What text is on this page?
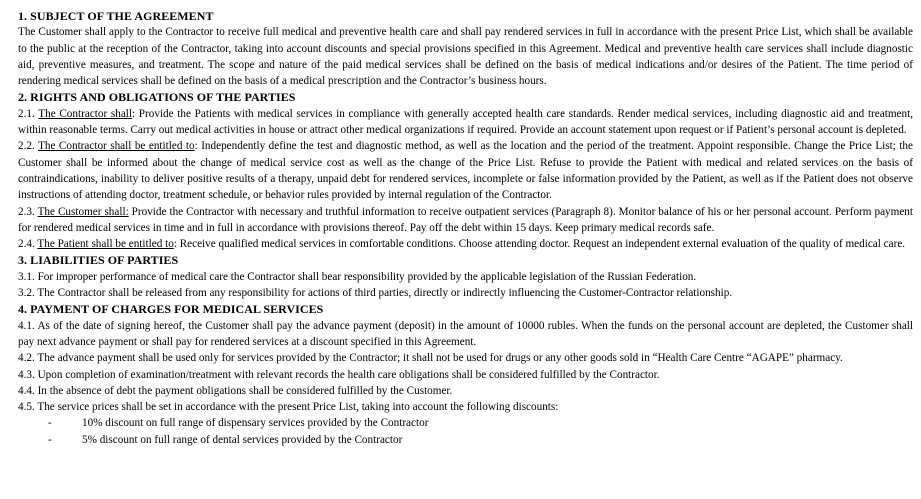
1. SUBJECT OF THE AGREEMENT

The Customer shall apply to the Contractor to receive full medical and preventive health care and shall pay rendered services in full in accordance with the present Price List, which shall be available to the public at the reception of the Contractor, taking into account discounts and special provisions specified in this Agreement. Medical and preventive health care services shall include diagnostic aid, preventive measures, and treatment. The scope and nature of the paid medical services shall be defined on the basis of medical indications and/or desires of the Patient. The time period of rendering medical services shall be defined on the basis of a medical prescription and the Contractor’s business hours.

2. RIGHTS AND OBLIGATIONS OF THE PARTIES

2.1. The Contractor shall: Provide the Patients with medical services in compliance with generally accepted health care standards. Render medical services, including diagnostic aid and treatment, within reasonable terms. Carry out medical activities in house or attract other medical organizations if required. Provide an account statement upon request or if Patient’s personal account is depleted.

2.2. The Contractor shall be entitled to: Independently define the test and diagnostic method, as well as the location and the period of the treatment. Appoint responsible. Change the Price List; the Customer shall be informed about the change of medical service cost as well as the change of the Price List. Refuse to provide the Patient with medical and related services on the basis of contraindications, inability to deliver positive results of a therapy, unpaid debt for rendered services, incomplete or false information provided by the Patient, as well as if the Patient does not observe instructions of attending doctor, treatment schedule, or behavior rules provided by internal regulation of the Contractor.

2.3. The Customer shall: Provide the Contractor with necessary and truthful information to receive outpatient services (Paragraph 8). Monitor balance of his or her personal account. Perform payment for rendered medical services in time and in full in accordance with provisions thereof. Pay off the debt within 15 days. Keep primary medical records safe.

2.4. The Patient shall be entitled to: Receive qualified medical services in comfortable conditions. Choose attending doctor. Request an independent external evaluation of the quality of medical care.

3. LIABILITIES OF PARTIES

3.1. For improper performance of medical care the Contractor shall bear responsibility provided by the applicable legislation of the Russian Federation.

3.2. The Contractor shall be released from any responsibility for actions of third parties, directly or indirectly influencing the Customer-Contractor relationship.

4. PAYMENT OF CHARGES FOR MEDICAL SERVICES

4.1. As of the date of signing hereof, the Customer shall pay the advance payment (deposit) in the amount of 10000 rubles. When the funds on the personal account are depleted, the Customer shall pay next advance payment or shall pay for rendered services at a discount specified in this Agreement.

4.2. The advance payment shall be used only for services provided by the Contractor; it shall not be used for drugs or any other goods sold in “Health Care Centre “AGAPE” pharmacy.

4.3. Upon completion of examination/treatment with relevant records the health care obligations shall be considered fulfilled by the Contractor.

4.4. In the absence of debt the payment obligations shall be considered fulfilled by the Customer.

4.5. The service prices shall be set in accordance with the present Price List, taking into account the following discounts:

-	10% discount on full range of dispensary services provided by the Contractor
-	5% discount on full range of dental services provided by the Contractor
